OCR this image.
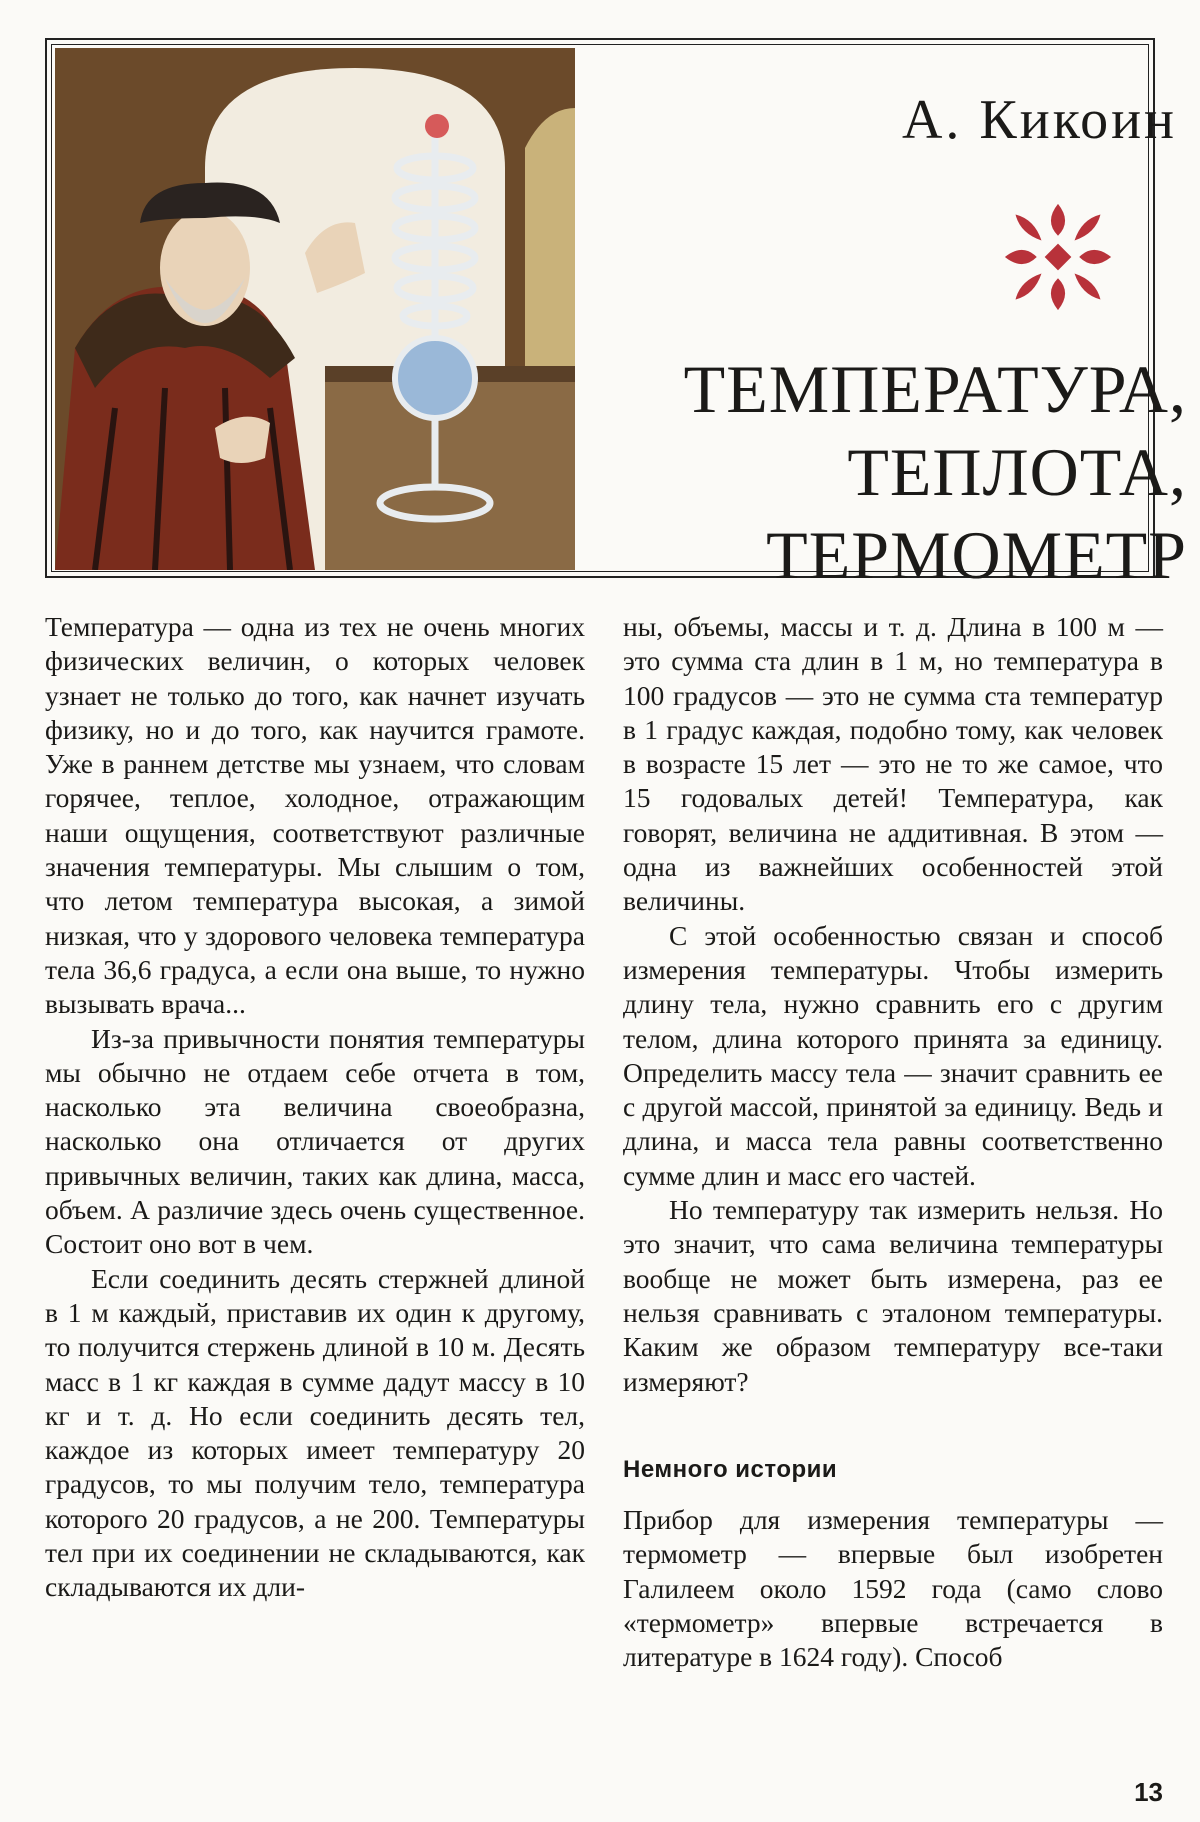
А. Кикоин
ТЕМПЕРАТУРА,
ТЕПЛОТА,
ТЕРМОМЕТР

Температура — одна из тех не очень многих физических величин, о которых человек узнает не только до того, как начнет изучать физику, но и до того, как научится грамоте. Уже в раннем детстве мы узнаем, что словам горячее, теплое, холодное, отражающим наши ощущения, соответствуют различные значения температуры. Мы слышим о том, что летом температура высокая, а зимой низкая, что у здорового человека температура тела 36,6 градуса, а если она выше, то нужно вызывать врача...

Из-за привычности понятия температуры мы обычно не отдаем себе отчета в том, насколько эта величина своеобразна, насколько она отличается от других привычных величин, таких как длина, масса, объем. А различие здесь очень существенное. Состоит оно вот в чем.

Если соединить десять стержней длиной в 1 м каждый, приставив их один к другому, то получится стержень длиной в 10 м. Десять масс в 1 кг каждая в сумме дадут массу в 10 кг и т. д. Но если соединить десять тел, каждое из которых имеет температуру 20 градусов, то мы получим тело, температура которого 20 градусов, а не 200. Температуры тел при их соединении не складываются, как складываются их дли-

ны, объемы, массы и т. д. Длина в 100 м — это сумма ста длин в 1 м, но температура в 100 градусов — это не сумма ста температур в 1 градус каждая, подобно тому, как человек в возрасте 15 лет — это не то же самое, что 15 годовалых детей! Температура, как говорят, величина не аддитивная. В этом — одна из важнейших особенностей этой величины.

С этой особенностью связан и способ измерения температуры. Чтобы измерить длину тела, нужно сравнить его с другим телом, длина которого принята за единицу. Определить массу тела — значит сравнить ее с другой массой, принятой за единицу. Ведь и длина, и масса тела равны соответственно сумме длин и масс его частей.

Но температуру так измерить нельзя. Но это значит, что сама величина температуры вообще не может быть измерена, раз ее нельзя сравнивать с эталоном температуры. Каким же образом температуру все-таки измеряют?

Немного истории

Прибор для измерения температуры — термометр — впервые был изобретен Галилеем около 1592 года (само слово «термометр» впервые встречается в литературе в 1624 году). Способ

13
